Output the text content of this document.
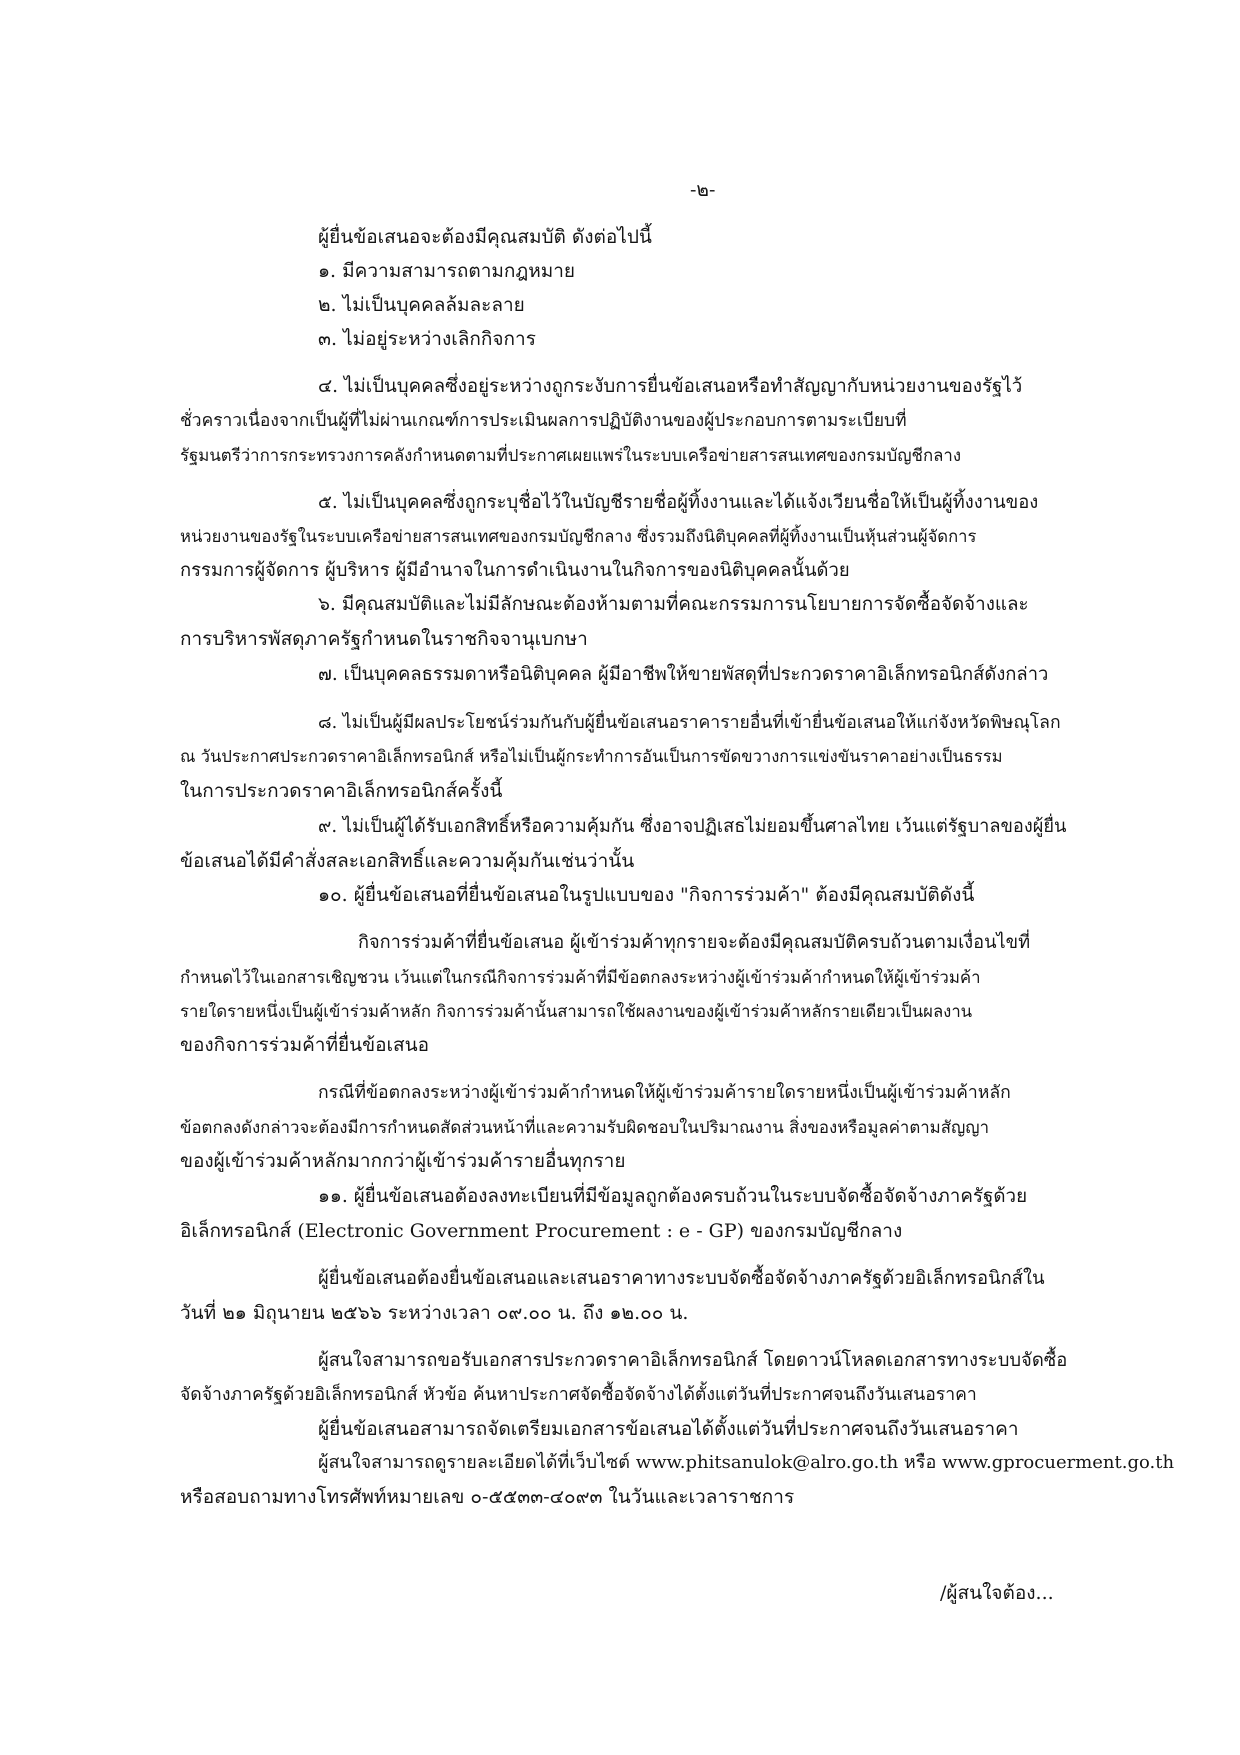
-๒-
ผู้ยื่นข้อเสนอจะต้องมีคุณสมบัติ ดังต่อไปนี้
๑. มีความสามารถตามกฎหมาย
๒. ไม่เป็นบุคคลล้มละลาย
๓. ไม่อยู่ระหว่างเลิกกิจการ
๔. ไม่เป็นบุคคลซึ่งอยู่ระหว่างถูกระงับการยื่นข้อเสนอหรือทำสัญญากับหน่วยงานของรัฐไว้
ชั่วคราวเนื่องจากเป็นผู้ที่ไม่ผ่านเกณฑ์การประเมินผลการปฏิบัติงานของผู้ประกอบการตามระเบียบที่
รัฐมนตรีว่าการกระทรวงการคลังกำหนดตามที่ประกาศเผยแพร่ในระบบเครือข่ายสารสนเทศของกรมบัญชีกลาง
๕. ไม่เป็นบุคคลซึ่งถูกระบุชื่อไว้ในบัญชีรายชื่อผู้ทิ้งงานและได้แจ้งเวียนชื่อให้เป็นผู้ทิ้งงานของ
หน่วยงานของรัฐในระบบเครือข่ายสารสนเทศของกรมบัญชีกลาง ซึ่งรวมถึงนิติบุคคลที่ผู้ทิ้งงานเป็นหุ้นส่วนผู้จัดการ
กรรมการผู้จัดการ ผู้บริหาร ผู้มีอำนาจในการดำเนินงานในกิจการของนิติบุคคลนั้นด้วย
๖. มีคุณสมบัติและไม่มีลักษณะต้องห้ามตามที่คณะกรรมการนโยบายการจัดซื้อจัดจ้างและ
การบริหารพัสดุภาครัฐกำหนดในราชกิจจานุเบกษา
๗. เป็นบุคคลธรรมดาหรือนิติบุคคล ผู้มีอาชีพให้ขายพัสดุที่ประกวดราคาอิเล็กทรอนิกส์ดังกล่าว
๘. ไม่เป็นผู้มีผลประโยชน์ร่วมกันกับผู้ยื่นข้อเสนอราคารายอื่นที่เข้ายื่นข้อเสนอให้แก่จังหวัดพิษณุโลก
ณ วันประกาศประกวดราคาอิเล็กทรอนิกส์ หรือไม่เป็นผู้กระทำการอันเป็นการขัดขวางการแข่งขันราคาอย่างเป็นธรรม
ในการประกวดราคาอิเล็กทรอนิกส์ครั้งนี้
๙. ไม่เป็นผู้ได้รับเอกสิทธิ์หรือความคุ้มกัน ซึ่งอาจปฏิเสธไม่ยอมขึ้นศาลไทย เว้นแต่รัฐบาลของผู้ยื่น
ข้อเสนอได้มีคำสั่งสละเอกสิทธิ์และความคุ้มกันเช่นว่านั้น
๑๐. ผู้ยื่นข้อเสนอที่ยื่นข้อเสนอในรูปแบบของ "กิจการร่วมค้า" ต้องมีคุณสมบัติดังนี้
กิจการร่วมค้าที่ยื่นข้อเสนอ ผู้เข้าร่วมค้าทุกรายจะต้องมีคุณสมบัติครบถ้วนตามเงื่อนไขที่
กำหนดไว้ในเอกสารเชิญชวน เว้นแต่ในกรณีกิจการร่วมค้าที่มีข้อตกลงระหว่างผู้เข้าร่วมค้ากำหนดให้ผู้เข้าร่วมค้า
รายใดรายหนึ่งเป็นผู้เข้าร่วมค้าหลัก กิจการร่วมค้านั้นสามารถใช้ผลงานของผู้เข้าร่วมค้าหลักรายเดียวเป็นผลงาน
ของกิจการร่วมค้าที่ยื่นข้อเสนอ
กรณีที่ข้อตกลงระหว่างผู้เข้าร่วมค้ากำหนดให้ผู้เข้าร่วมค้ารายใดรายหนึ่งเป็นผู้เข้าร่วมค้าหลัก
ข้อตกลงดังกล่าวจะต้องมีการกำหนดสัดส่วนหน้าที่และความรับผิดชอบในปริมาณงาน สิ่งของหรือมูลค่าตามสัญญา
ของผู้เข้าร่วมค้าหลักมากกว่าผู้เข้าร่วมค้ารายอื่นทุกราย
๑๑. ผู้ยื่นข้อเสนอต้องลงทะเบียนที่มีข้อมูลถูกต้องครบถ้วนในระบบจัดซื้อจัดจ้างภาครัฐด้วย
อิเล็กทรอนิกส์ (Electronic Government Procurement : e - GP) ของกรมบัญชีกลาง
ผู้ยื่นข้อเสนอต้องยื่นข้อเสนอและเสนอราคาทางระบบจัดซื้อจัดจ้างภาครัฐด้วยอิเล็กทรอนิกส์ใน
วันที่ ๒๑ มิถุนายน ๒๕๖๖ ระหว่างเวลา ๐๙.๐๐ น. ถึง ๑๒.๐๐ น.
ผู้สนใจสามารถขอรับเอกสารประกวดราคาอิเล็กทรอนิกส์ โดยดาวน์โหลดเอกสารทางระบบจัดซื้อ
จัดจ้างภาครัฐด้วยอิเล็กทรอนิกส์ หัวข้อ ค้นหาประกาศจัดซื้อจัดจ้างได้ตั้งแต่วันที่ประกาศจนถึงวันเสนอราคา
ผู้ยื่นข้อเสนอสามารถจัดเตรียมเอกสารข้อเสนอได้ตั้งแต่วันที่ประกาศจนถึงวันเสนอราคา
ผู้สนใจสามารถดูรายละเอียดได้ที่เว็บไซต์ www.phitsanulok@alro.go.th หรือ www.gprocuerment.go.th
หรือสอบถามทางโทรศัพท์หมายเลข ๐-๕๕๓๓-๔๐๙๓ ในวันและเวลาราชการ
/ผู้สนใจต้อง...
